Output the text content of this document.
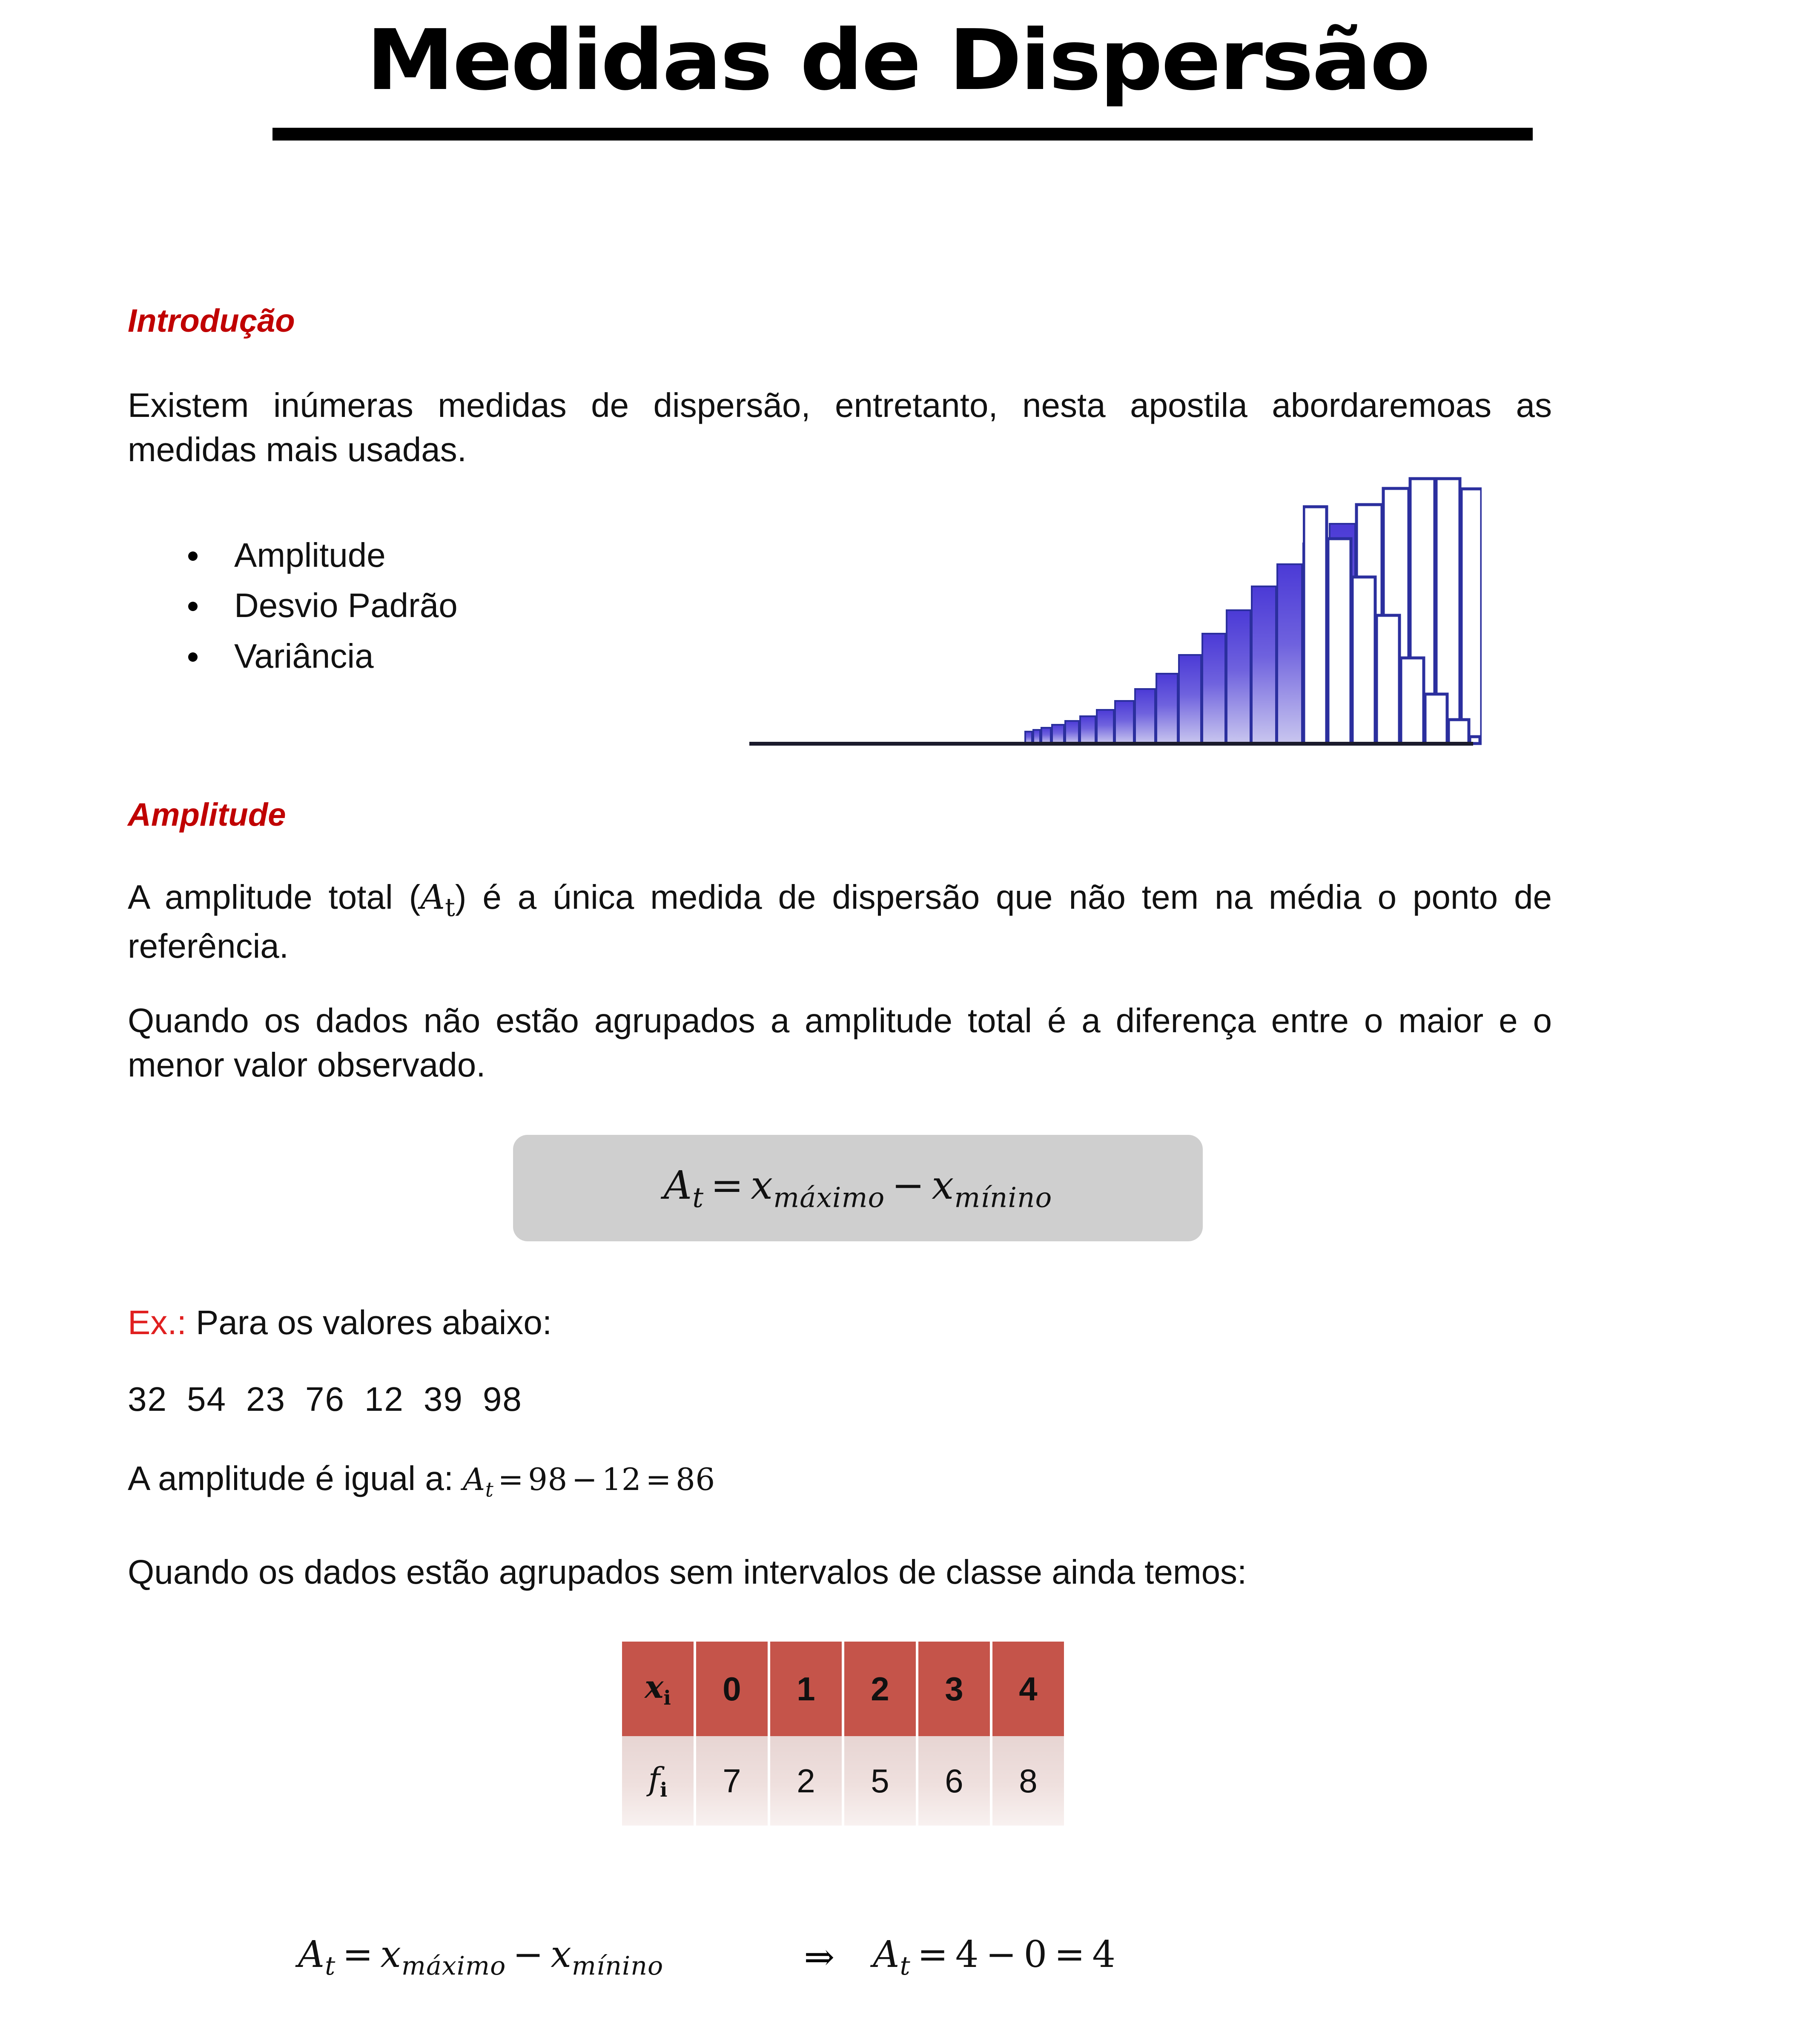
Medidas de Dispersão
Introdução
Existem inúmeras medidas de dispersão, entretanto, nesta apostila abordaremoas as medidas mais usadas.
Amplitude
Desvio Padrão
Variância
Amplitude
A amplitude total $(A_t)$ é a única medida de dispersão que não tem na média o ponto de referência.
Quando os dados não estão agrupados a amplitude total é a diferença entre o maior e o menor valor observado.
$A_t = x_{máximo} - x_{mínino}$
Ex.: Para os valores abaixo:
32 54 23 76 12 39 98
A amplitude é igual a: $A_t = 98 - 12 = 86$
Quando os dados estão agrupados sem intervalos de classe ainda temos:
$x_i$	0	1	2	3	4
$f_i$	7	2	5	6	8
$A_t = x_{máximo} - x_{mínino}$	⇒	$A_t = 4 - 0 = 4$
